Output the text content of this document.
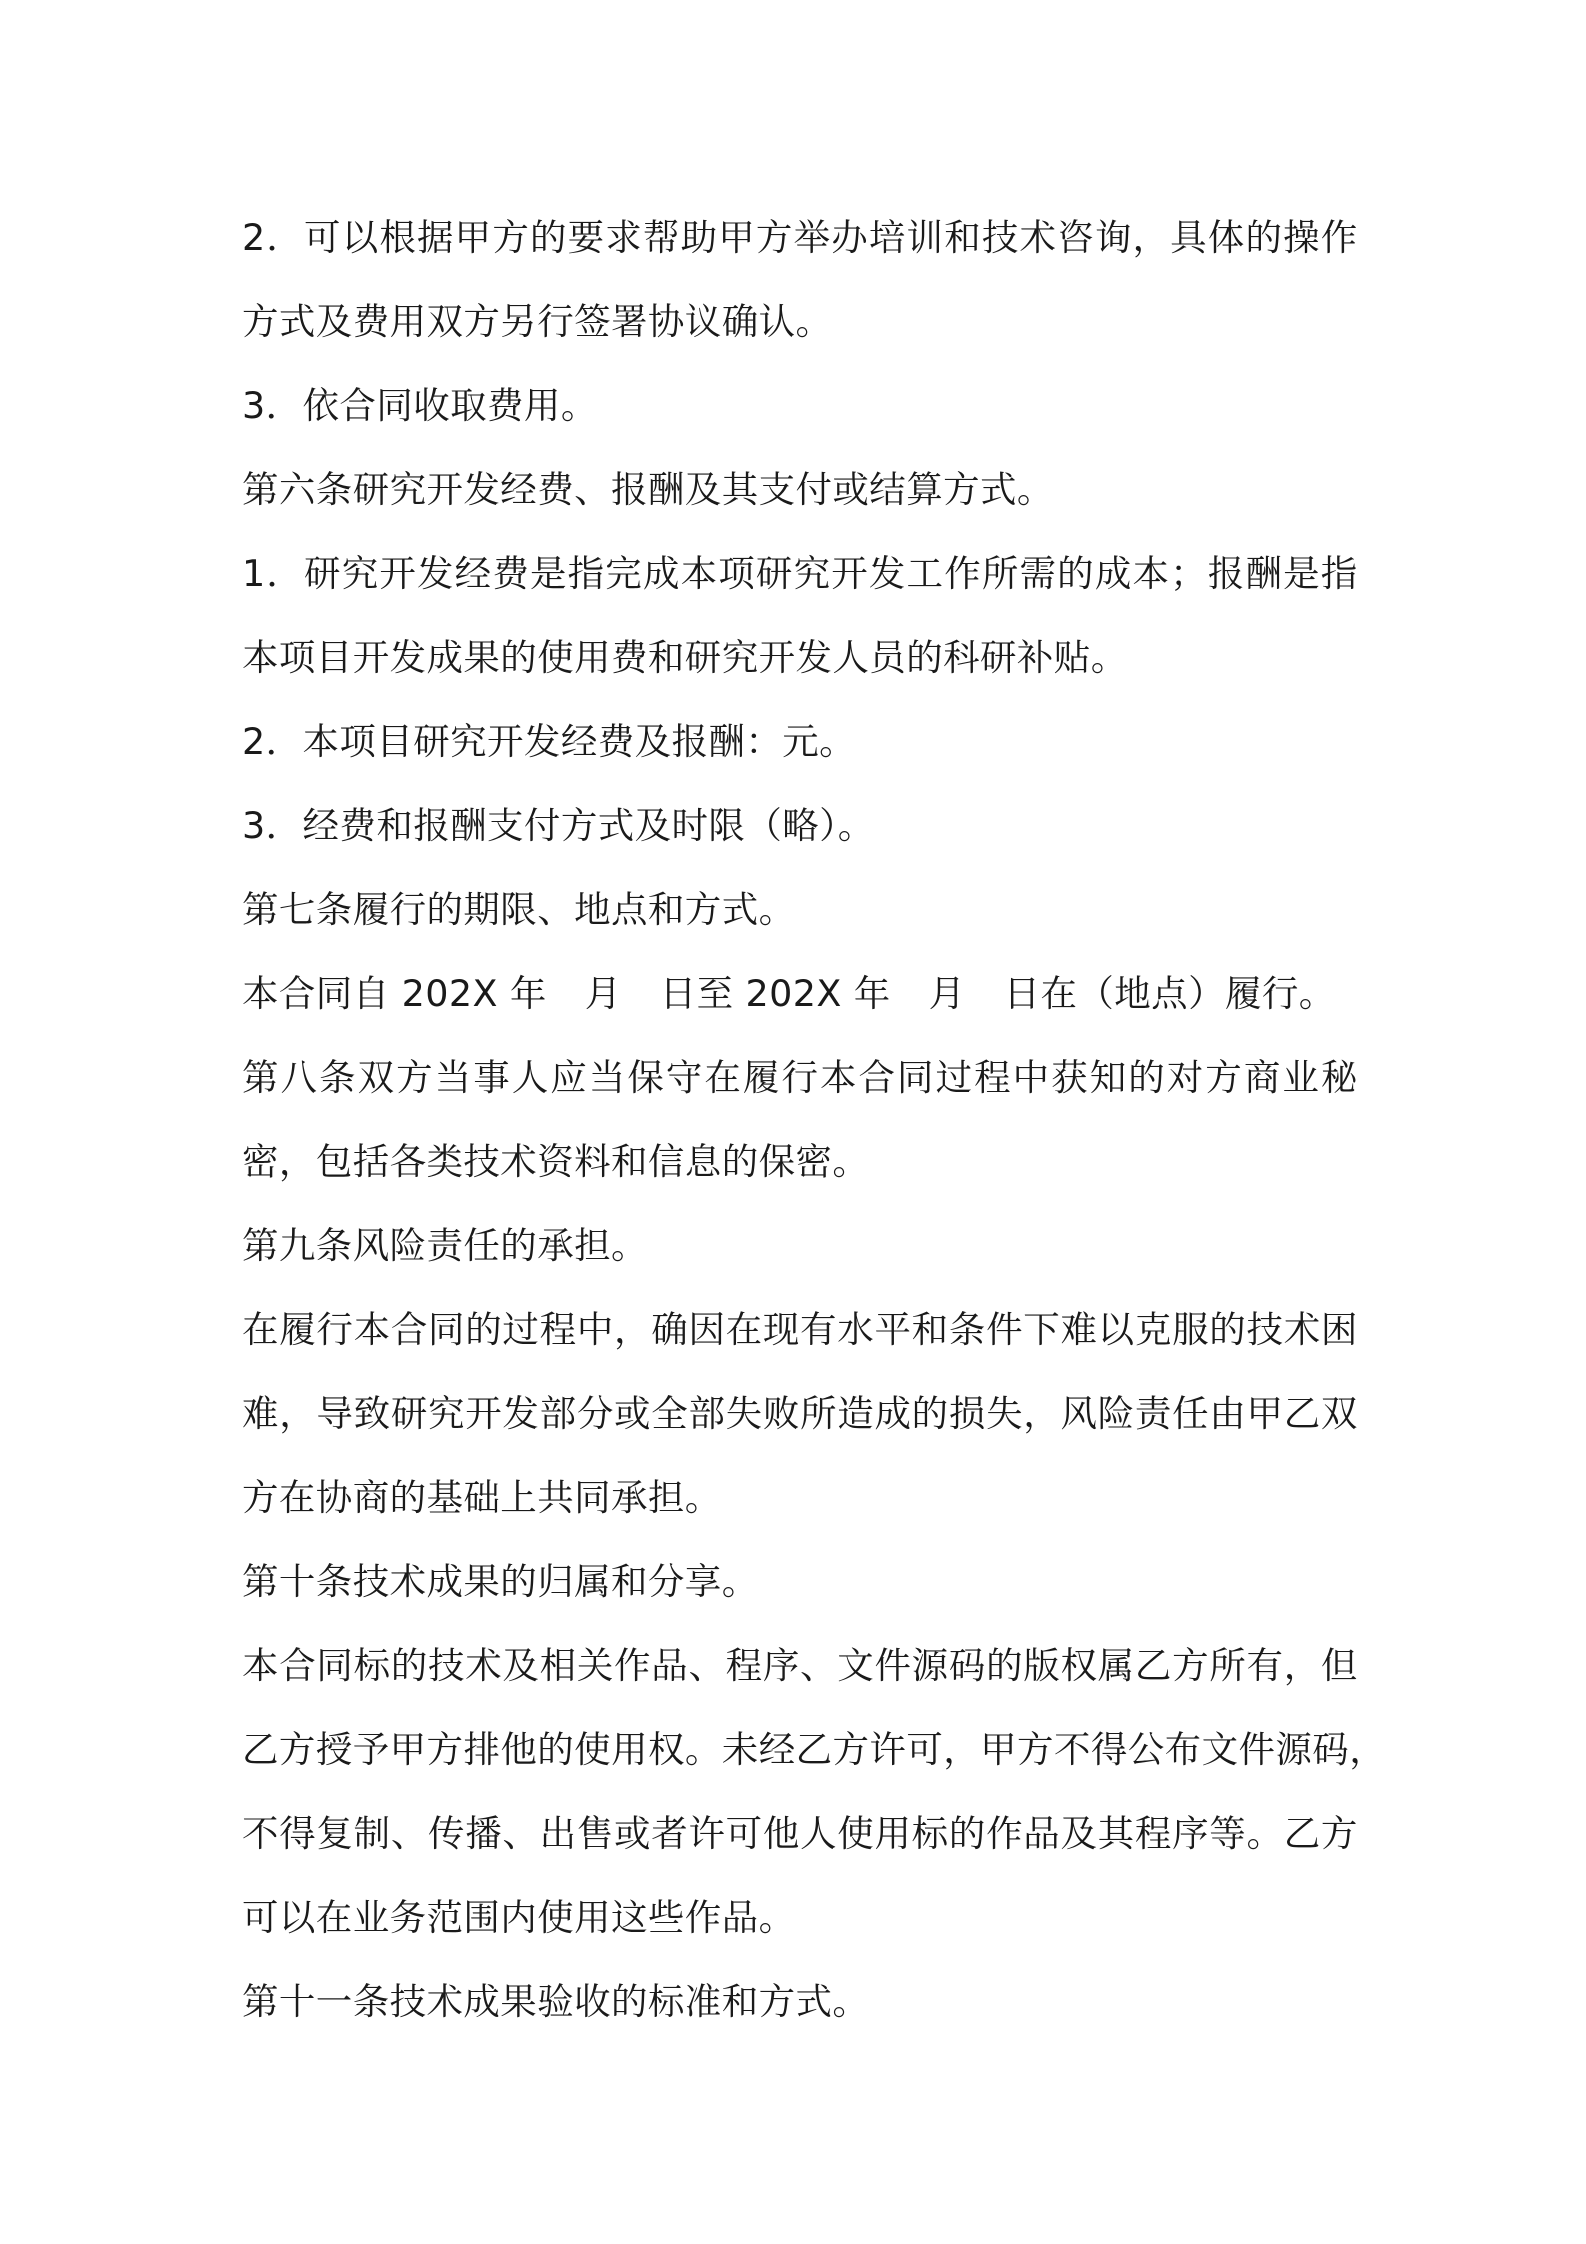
2 ． 可 以 根 据 甲 方 的 要 求 帮 助 甲 方 举 办 培 训 和 技 术 咨 询 ， 具 体 的 操 作
方式及费用双方另行签署协议确认。
3．依合同收取费用。
第六条研究开发经费、报酬及其支付或结算方式。
1 ． 研 究 开 发 经 费 是 指 完 成 本 项 研 究 开 发 工 作 所 需 的 成 本 ； 报 酬 是 指
本项目开发成果的使用费和研究开发人员的科研补贴。
2．本项目研究开发经费及报酬：元。
3．经费和报酬支付方式及时限（略）。
第七条履行的期限、地点和方式。
本合同自 202X 年 月 日至 202X 年 月 日在（地点）履行。
第 八 条 双 方 当 事 人 应 当 保 守 在 履 行 本 合 同 过 程 中 获 知 的 对 方 商 业 秘
密，包括各类技术资料和信息的保密。
第九条风险责任的承担。
在 履 行 本 合 同 的 过 程 中 ， 确 因 在 现 有 水 平 和 条 件 下 难 以 克 服 的 技 术 困
难 ， 导 致 研 究 开 发 部 分 或 全 部 失 败 所 造 成 的 损 失 ， 风 险 责 任 由 甲 乙 双
方在协商的基础上共同承担。
第十条技术成果的归属和分享。
本 合 同 标 的 技 术 及 相 关 作 品 、 程 序 、 文 件 源 码 的 版 权 属 乙 方 所 有 ， 但
乙 方 授 予 甲 方 排 他 的 使 用 权 。 未 经 乙 方 许 可 ， 甲 方 不 得 公 布 文 件 源 码 ，
不 得 复 制 、 传 播 、 出 售 或 者 许 可 他 人 使 用 标 的 作 品 及 其 程 序 等 。 乙 方
可以在业务范围内使用这些作品。
第十一条技术成果验收的标准和方式。
